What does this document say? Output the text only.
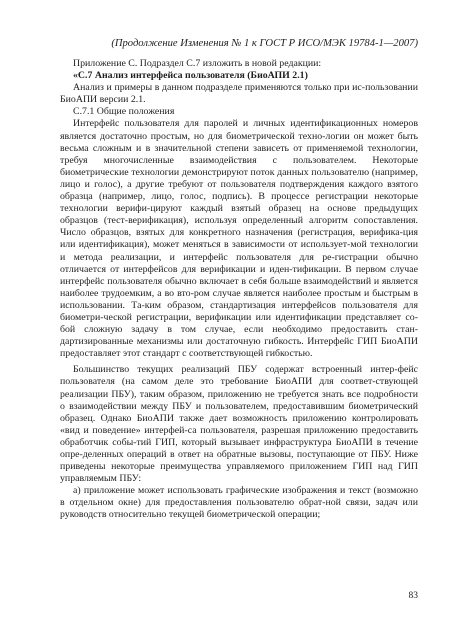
(Продолжение Изменения № 1 к ГОСТ Р ИСО/МЭК 19784-1—2007)

Приложение С. Подраздел С.7 изложить в новой редакции:

«С.7 Анализ интерфейса пользователя (БиоАПИ 2.1)

Анализ и примеры в данном подразделе применяются только при ис-пользовании БиоАПИ версии 2.1.

С.7.1 Общие положения

Интерфейс пользователя для паролей и личных идентификационных номеров является достаточно простым, но для биометрической техно-логии он может быть весьма сложным и в значительной степени зависеть от применяемой технологии, требуя многочисленные взаимодействия с пользователем. Некоторые биометрические технологии демонстрируют поток данных пользователю (например, лицо и голос), а другие требуют от пользователя подтверждения каждого взятого образца (например, лицо, голос, подпись). В процессе регистрации некоторые технологии верифи-цируют каждый взятый образец на основе предыдущих образцов (тест-верификация), используя определенный алгоритм сопоставления. Число образцов, взятых для конкретного назначения (регистрация, верифика-ция или идентификация), может меняться в зависимости от использует-мой технологии и метода реализации, и интерфейс пользователя для ре-гистрации обычно отличается от интерфейсов для верификации и иден-тификации. В первом случае интерфейс пользователя обычно включает в себя больше взаимодействий и является наиболее трудоемким, а во вто-ром случае является наиболее простым и быстрым в использовании. Та-ким образом, стандартизация интерфейсов пользователя для биометри-ческой регистрации, верификации или идентификации представляет со-бой сложную задачу в том случае, если необходимо предоставить стан-дартизированные механизмы или достаточную гибкость. Интерфейс ГИП БиоАПИ предоставляет этот стандарт с соответствующей гибкостью.

Большинство текущих реализаций ПБУ содержат встроенный интер-фейс пользователя (на самом деле это требование БиоАПИ для соответ-ствующей реализации ПБУ), таким образом, приложению не требуется знать все подробности о взаимодействии между ПБУ и пользователем, предоставившим биометрический образец. Однако БиоАПИ также дает возможность приложению контролировать «вид и поведение» интерфей-са пользователя, разрешая приложению предоставить обработчик собы-тий ГИП, который вызывает инфраструктура БиоАПИ в течение опре-деленных операций в ответ на обратные вызовы, поступающие от ПБУ. Ниже приведены некоторые преимущества управляемого приложением ГИП над ГИП управляемым ПБУ:

а) приложение может использовать графические изображения и текст (возможно в отдельном окне) для предоставления пользователю обрат-ной связи, задач или руководств относительно текущей биометрической операции;

83
